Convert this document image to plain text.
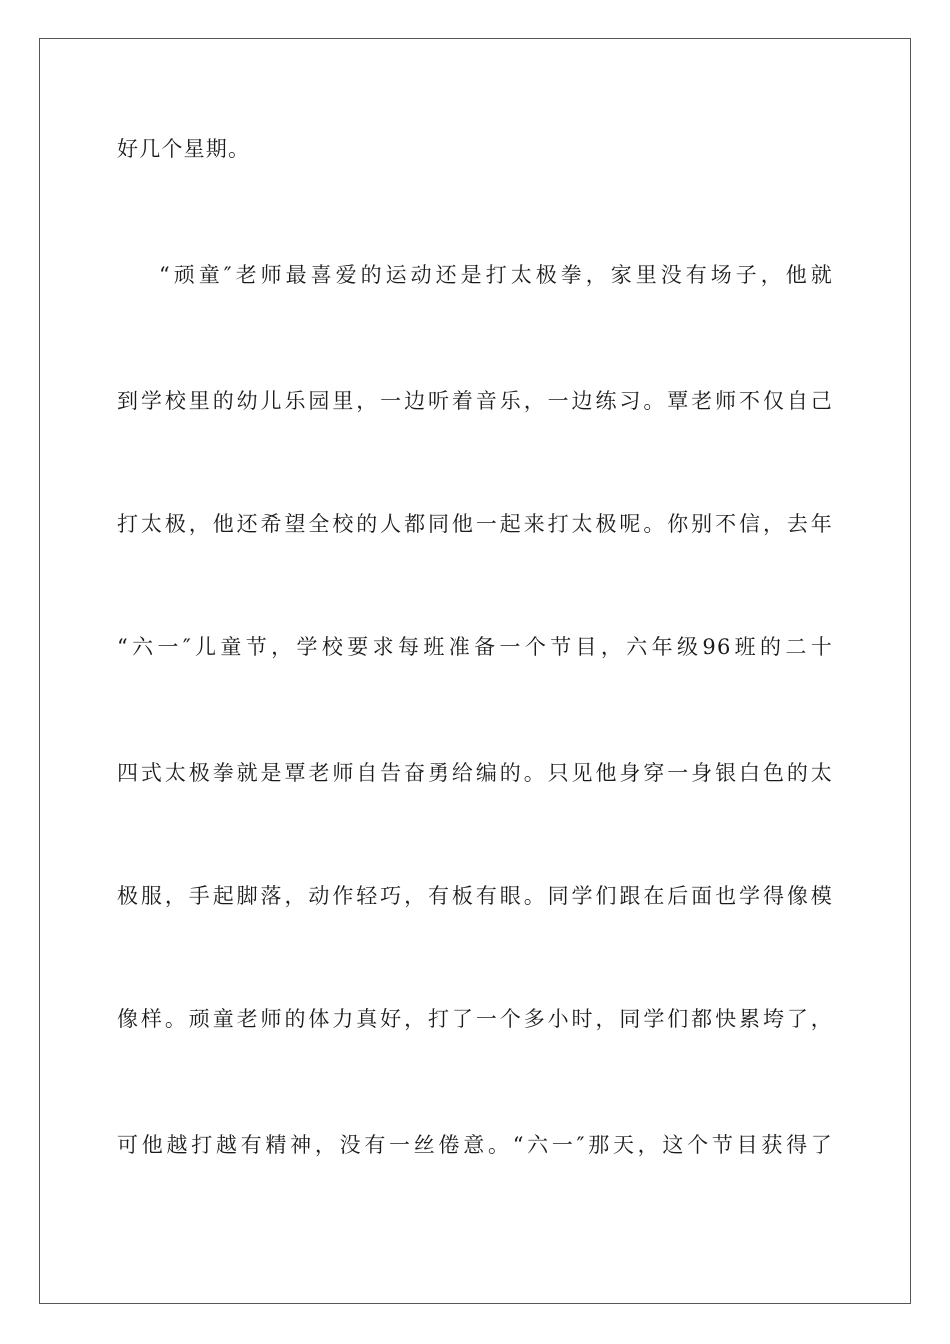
好几个星期。
“顽童″老师最喜爱的运动还是打太极拳，家里没有场子，他就
到学校里的幼儿乐园里，一边听着音乐，一边练习。覃老师不仅自己
打太极，他还希望全校的人都同他一起来打太极呢。你别不信，去年
“六一″儿童节，学校要求每班准备一个节目，六年级96班的二十
四式太极拳就是覃老师自告奋勇给编的。只见他身穿一身银白色的太
极服，手起脚落，动作轻巧，有板有眼。同学们跟在后面也学得像模
像样。顽童老师的体力真好，打了一个多小时，同学们都快累垮了，
可他越打越有精神，没有一丝倦意。“六一″那天，这个节目获得了
